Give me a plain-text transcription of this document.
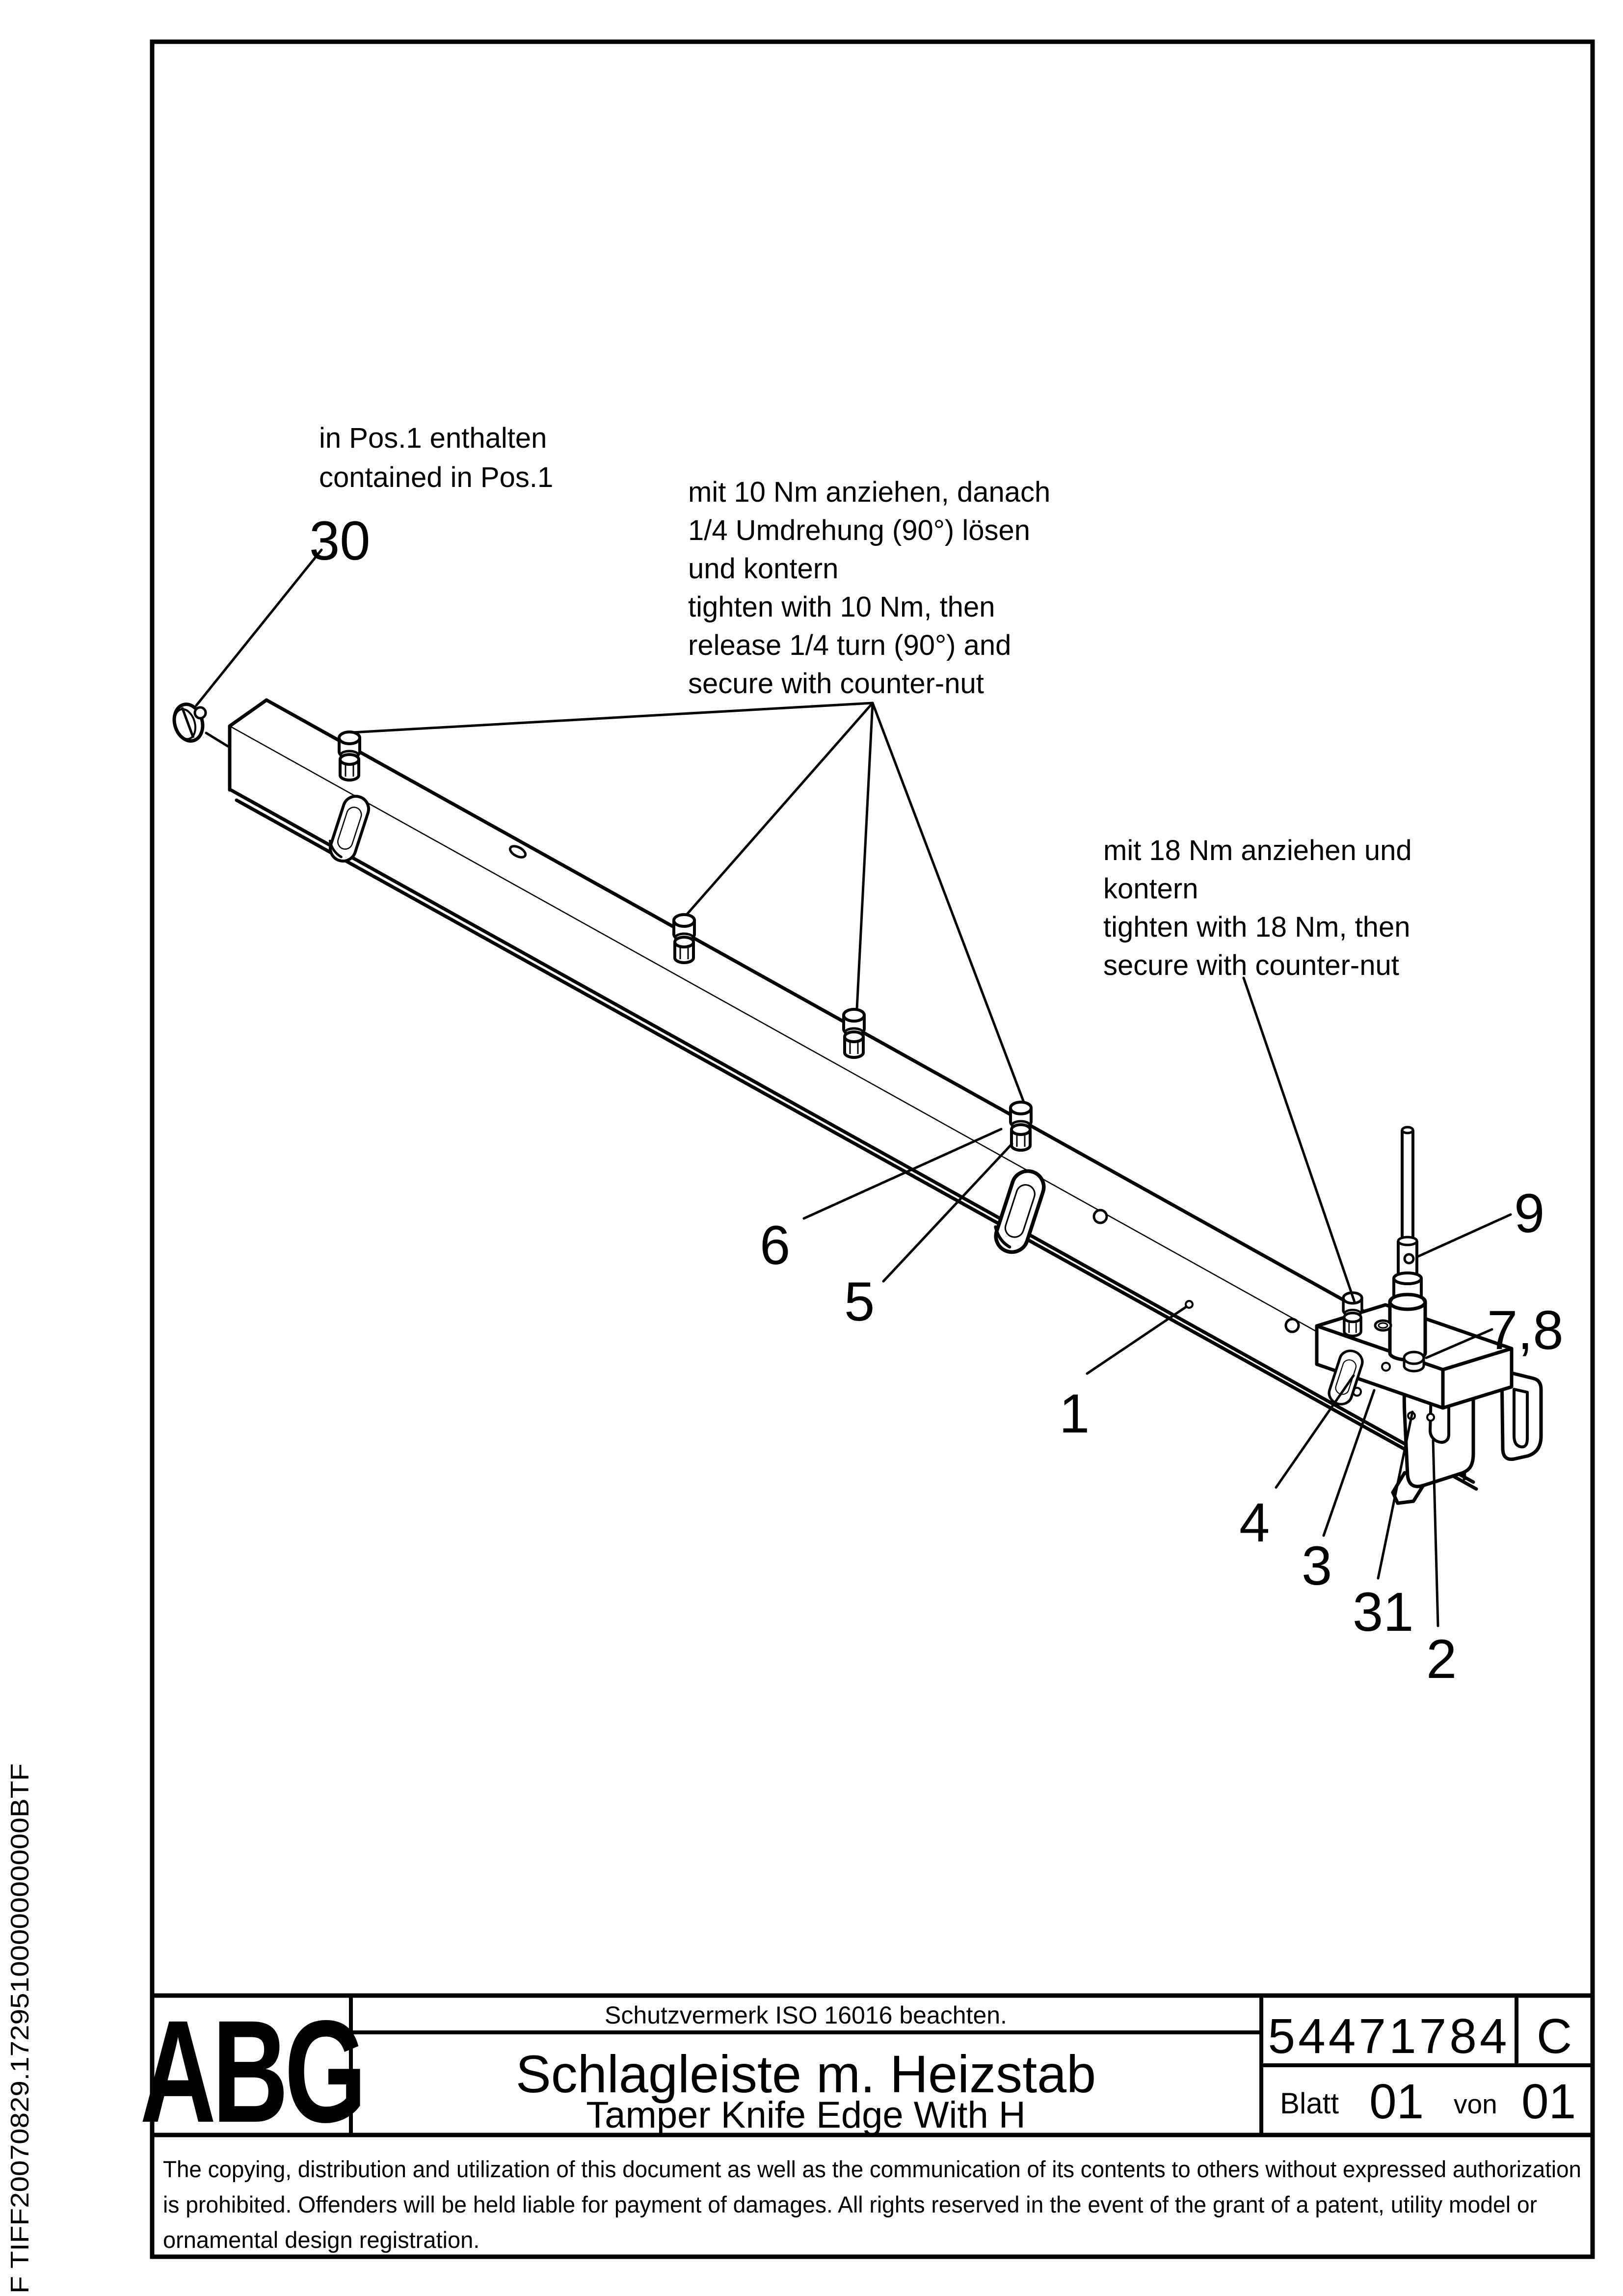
in Pos.1 enthalten
contained in Pos.1	mit 10 Nm anziehen, danach
1/4 Umdrehung (90°) lösen
und kontern
tighten with 10 Nm, then
release 1/4 turn (90°) and
secure with counter-nut
mit 18 Nm anziehen und
kontern
tighten with 18 Nm, then
secure with counter-nut
30
6
5
1
9
7,8
4
3
31
2
ABG	Schutzvermerk ISO 16016 beachten.
Schlagleiste m. Heizstab
Tamper Knife Edge With H
54471784 C
Blatt 01 von 01
The copying, distribution and utilization of this document as well as the communication of its contents to others without expressed authorization
is prohibited. Offenders will be held liable for payment of damages. All rights reserved in the event of the grant of a patent, utility model or
ornamental design registration.
F TIFF20070829.1729510000000000BTF
